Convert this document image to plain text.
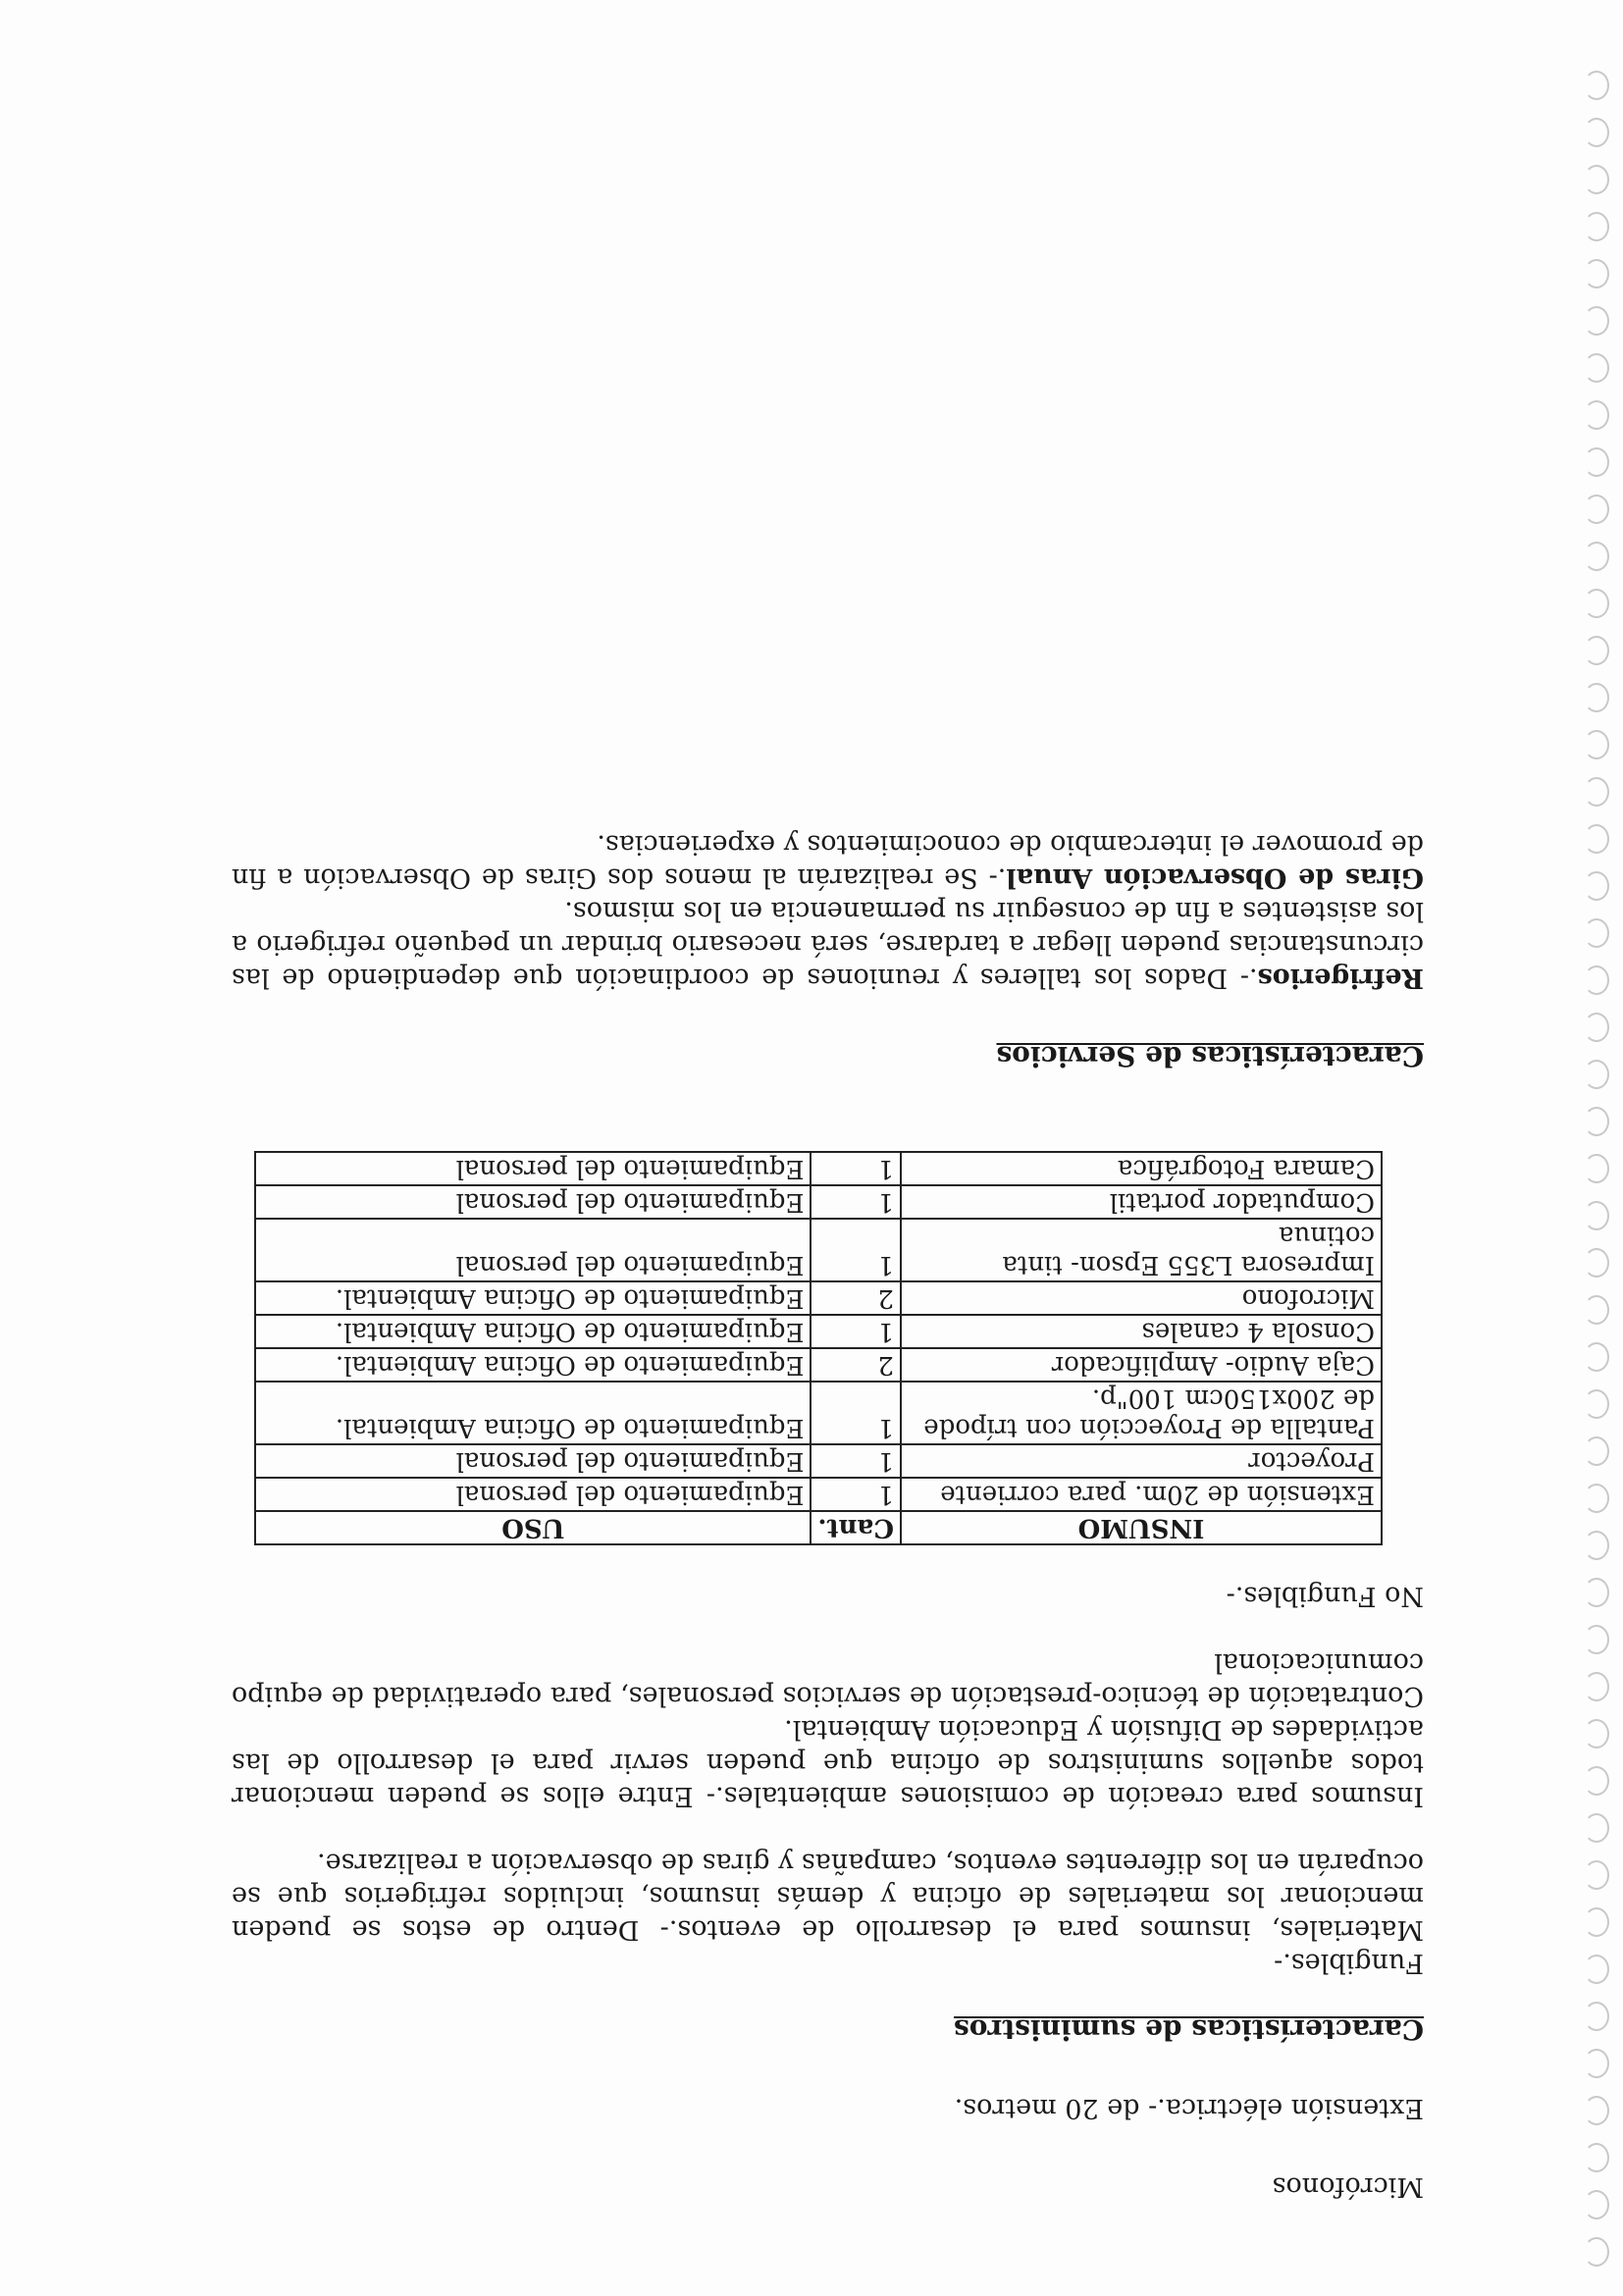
Micrófonos

Extensión eléctrica.- de 20 metros.

Características de suministros

Fungibles.-

Materiales, insumos para el desarrollo de eventos.- Dentro de estos se pueden mencionar los materiales de oficina y demás insumos, incluidos refrigerios que se ocuparán en los diferentes eventos, campañas y giras de observación a realizarse.

Insumos para creación de comisiones ambientales.- Entre ellos se pueden mencionar todos aquellos suministros de oficina que pueden servir para el desarrollo de las actividades de Difusión y Educación Ambiental.

Contratación de técnico-prestación de servicios personales, para operatividad de equipo comunicacional

No Fungibles.-

INSUMO	Cant.	USO
Extensión de 20m. para corriente	1	Equipamiento del personal
Proyector	1	Equipamiento del personal
Pantalla de Proyección con trípode de 200x150cm 100"p.	1	Equipamiento de Oficina Ambiental.
Caja Audio- Amplificador	2	Equipamiento de Oficina Ambiental.
Consola 4 canales	1	Equipamiento de Oficina Ambiental.
Microfono	2	Equipamiento de Oficina Ambiental.
Impresora L355 Epson- tinta cotinua	1	Equipamiento del personal
Computador portatil	1	Equipamiento del personal
Camara Fotográfica	1	Equipamiento del personal

Características de Servicios

Refrigerios.- Dados los talleres y reuniones de coordinación que dependiendo de las circunstancias pueden llegar a tardarse, será necesario brindar un pequeño refrigerio a los asistentes a fin de conseguir su permanencia en los mismos.

Giras de Observación Anual.- Se realizarán al menos dos Giras de Observación a fin de promover el intercambio de conocimientos y experiencias.
